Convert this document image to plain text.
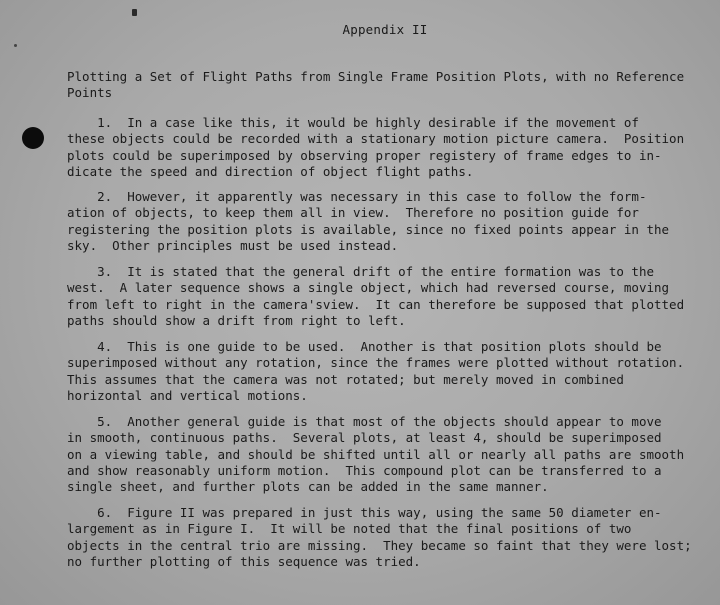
Appendix II
Plotting a Set of Flight Paths from Single Frame Position Plots, with no Reference
Points
1.  In a case like this, it would be highly desirable if the movement of
these objects could be recorded with a stationary motion picture camera.  Position
plots could be superimposed by observing proper registery of frame edges to in-
dicate the speed and direction of object flight paths.
2.  However, it apparently was necessary in this case to follow the form-
ation of objects, to keep them all in view.  Therefore no position guide for
registering the position plots is available, since no fixed points appear in the
sky.  Other principles must be used instead.
3.  It is stated that the general drift of the entire formation was to the
west.  A later sequence shows a single object, which had reversed course, moving
from left to right in the camera'sview.  It can therefore be supposed that plotted
paths should show a drift from right to left.
4.  This is one guide to be used.  Another is that position plots should be
superimposed without any rotation, since the frames were plotted without rotation.
This assumes that the camera was not rotated; but merely moved in combined
horizontal and vertical motions.
5.  Another general guide is that most of the objects should appear to move
in smooth, continuous paths.  Several plots, at least 4, should be superimposed
on a viewing table, and should be shifted until all or nearly all paths are smooth
and show reasonably uniform motion.  This compound plot can be transferred to a
single sheet, and further plots can be added in the same manner.
6.  Figure II was prepared in just this way, using the same 50 diameter en-
largement as in Figure I.  It will be noted that the final positions of two
objects in the central trio are missing.  They became so faint that they were lost;
no further plotting of this sequence was tried.
